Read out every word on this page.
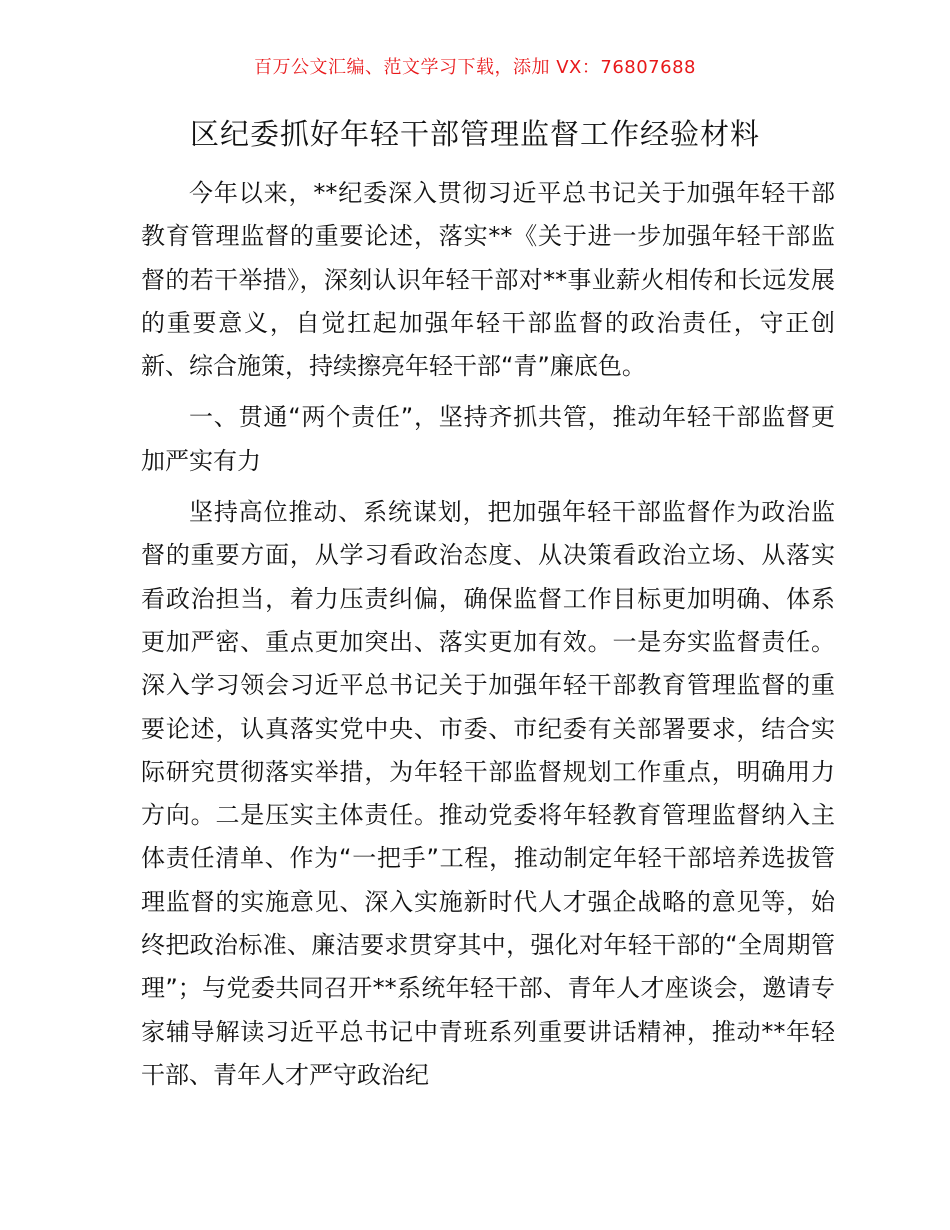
百万公文汇编、范文学习下载，添加 VX：76807688
区纪委抓好年轻干部管理监督工作经验材料

今年以来，**纪委深入贯彻习近平总书记关于加强年轻干部教育管理监督的重要论述，落实**《关于进一步加强年轻干部监督的若干举措》，深刻认识年轻干部对**事业薪火相传和长远发展的重要意义，自觉扛起加强年轻干部监督的政治责任，守正创新、综合施策，持续擦亮年轻干部“青”廉底色。

一、贯通“两个责任”，坚持齐抓共管，推动年轻干部监督更加严实有力

坚持高位推动、系统谋划，把加强年轻干部监督作为政治监督的重要方面，从学习看政治态度、从决策看政治立场、从落实看政治担当，着力压责纠偏，确保监督工作目标更加明确、体系更加严密、重点更加突出、落实更加有效。一是夯实监督责任。深入学习领会习近平总书记关于加强年轻干部教育管理监督的重要论述，认真落实党中央、市委、市纪委有关部署要求，结合实际研究贯彻落实举措，为年轻干部监督规划工作重点，明确用力方向。二是压实主体责任。推动党委将年轻教育管理监督纳入主体责任清单、作为“一把手”工程，推动制定年轻干部培养选拔管理监督的实施意见、深入实施新时代人才强企战略的意见等，始终把政治标准、廉洁要求贯穿其中，强化对年轻干部的“全周期管理”；与党委共同召开**系统年轻干部、青年人才座谈会，邀请专家辅导解读习近平总书记中青班系列重要讲话精神，推动**年轻干部、青年人才严守政治纪
